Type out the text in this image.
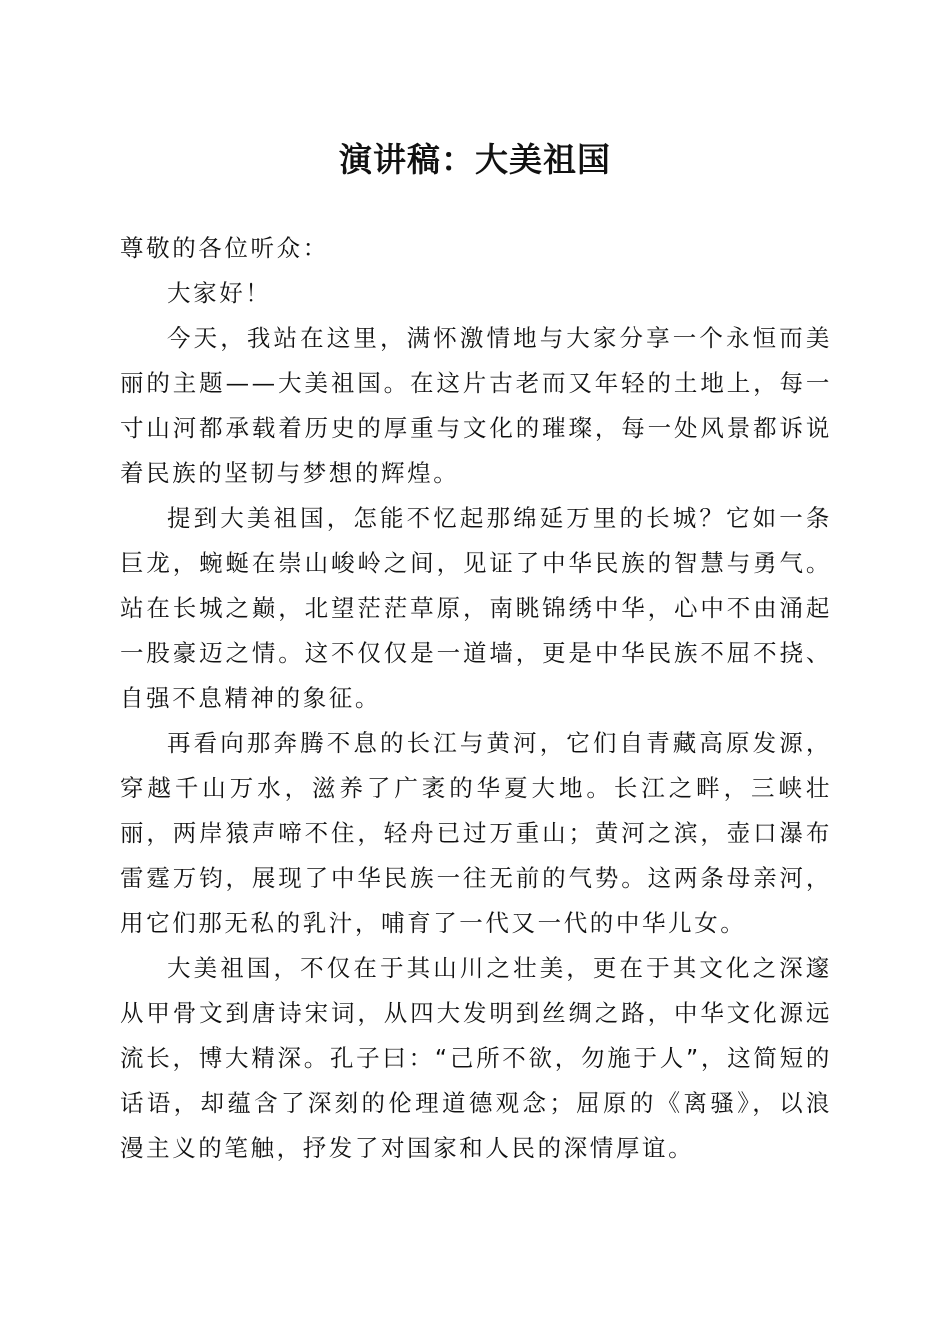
演讲稿：大美祖国

尊敬的各位听众：

大家好！

今天，我站在这里，满怀激情地与大家分享一个永恒而美丽的主题——大美祖国。在这片古老而又年轻的土地上，每一寸山河都承载着历史的厚重与文化的璀璨，每一处风景都诉说着民族的坚韧与梦想的辉煌。

提到大美祖国，怎能不忆起那绵延万里的长城？它如一条巨龙，蜿蜒在崇山峻岭之间，见证了中华民族的智慧与勇气。站在长城之巅，北望茫茫草原，南眺锦绣中华，心中不由涌起一股豪迈之情。这不仅仅是一道墙，更是中华民族不屈不挠、自强不息精神的象征。

再看向那奔腾不息的长江与黄河，它们自青藏高原发源，穿越千山万水，滋养了广袤的华夏大地。长江之畔，三峡壮丽，两岸猿声啼不住，轻舟已过万重山；黄河之滨，壶口瀑布雷霆万钧，展现了中华民族一往无前的气势。这两条母亲河，用它们那无私的乳汁，哺育了一代又一代的中华儿女。

大美祖国，不仅在于其山川之壮美，更在于其文化之深邃从甲骨文到唐诗宋词，从四大发明到丝绸之路，中华文化源远流长，博大精深。孔子曰：“己所不欲，勿施于人”，这简短的话语，却蕴含了深刻的伦理道德观念；屈原的《离骚》，以浪漫主义的笔触，抒发了对国家和人民的深情厚谊。
